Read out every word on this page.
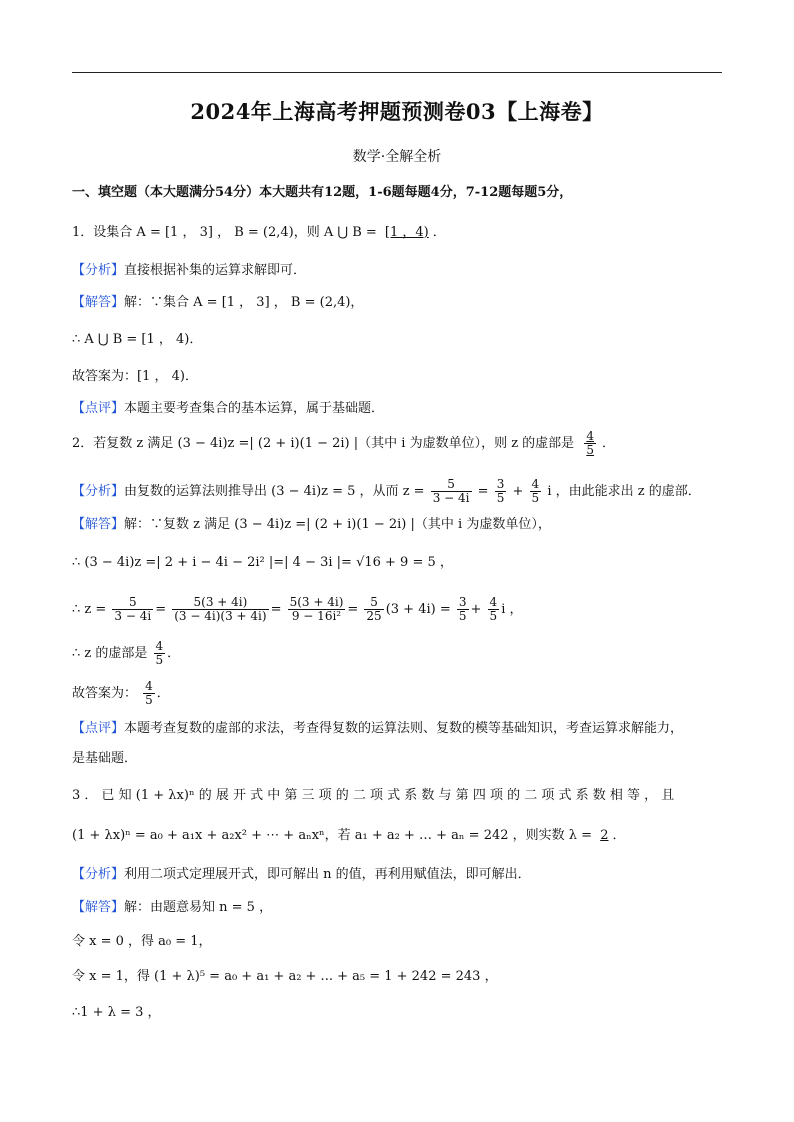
2024年上海高考押题预测卷03【上海卷】
数学·全解全析
一、填空题（本大题满分54分）本大题共有12题，1-6题每题4分，7-12题每题5分，
1．设集合 A = [1 ， 3] ， B = (2,4)，则 A ⋃ B = [1 ，4) ．
【分析】直接根据补集的运算求解即可．
【解答】解：∵集合 A = [1 ， 3] ， B = (2,4)，
∴ A ⋃ B = [1 ， 4)．
故答案为：[1 ， 4)．
【点评】本题主要考查集合的基本运算，属于基础题．
2．若复数 z 满足 (3 − 4i)z =| (2 + i)(1 − 2i) |（其中 i 为虚数单位），则 z 的虚部是 $\frac{4}{5}$ ．
【分析】由复数的运算法则推导出 (3 − 4i)z = 5 ，从而 $z = \frac{5}{3 - 4i} = \frac{3}{5} + \frac{4}{5}$ i ，由此能求出 z 的虚部．
【解答】解：∵复数 z 满足 (3 − 4i)z =| (2 + i)(1 − 2i) |（其中 i 为虚数单位），
∴ (3 − 4i)z =| 2 + i − 4i − 2i² |=| 4 − 3i |= √16 + 9 = 5 ，
∴ $z = \frac{5}{3 - 4i} = \frac{5(3 + 4i)}{(3 - 4i)(3 + 4i)} = \frac{5(3 + 4i)}{\text{9 − 16i²}} = \frac{5}{25} (3 + 4i) = \frac{3}{5} + \frac{4}{5}$ i ，
∴ z 的虚部是 $\frac{4}{5}$ ．
故答案为： $\frac{4}{5}$ ．
【点评】本题考查复数的虚部的求法，考查得复数的运算法则、复数的模等基础知识，考查运算求解能力，
是基础题．
3 ． 已 知 (1 + λx)ⁿ 的 展 开 式 中 第 三 项 的 二 项 式 系 数 与 第 四 项 的 二 项 式 系 数 相 等 ， 且
(1 + λx)ⁿ = a₀ + a₁x + a₂x² + ⋯ + aₙxⁿ，若 a₁ + a₂ + … + aₙ = 242 ，则实数 λ = 2 ．
【分析】利用二项式定理展开式，即可解出 n 的值，再利用赋值法，即可解出．
【解答】解：由题意易知 n = 5 ，
令 x = 0 ，得 a₀ = 1，
令 x = 1，得 (1 + λ)⁵ = a₀ + a₁ + a₂ + ... + a₅ = 1 + 242 = 243 ，
∴1 + λ = 3 ，
